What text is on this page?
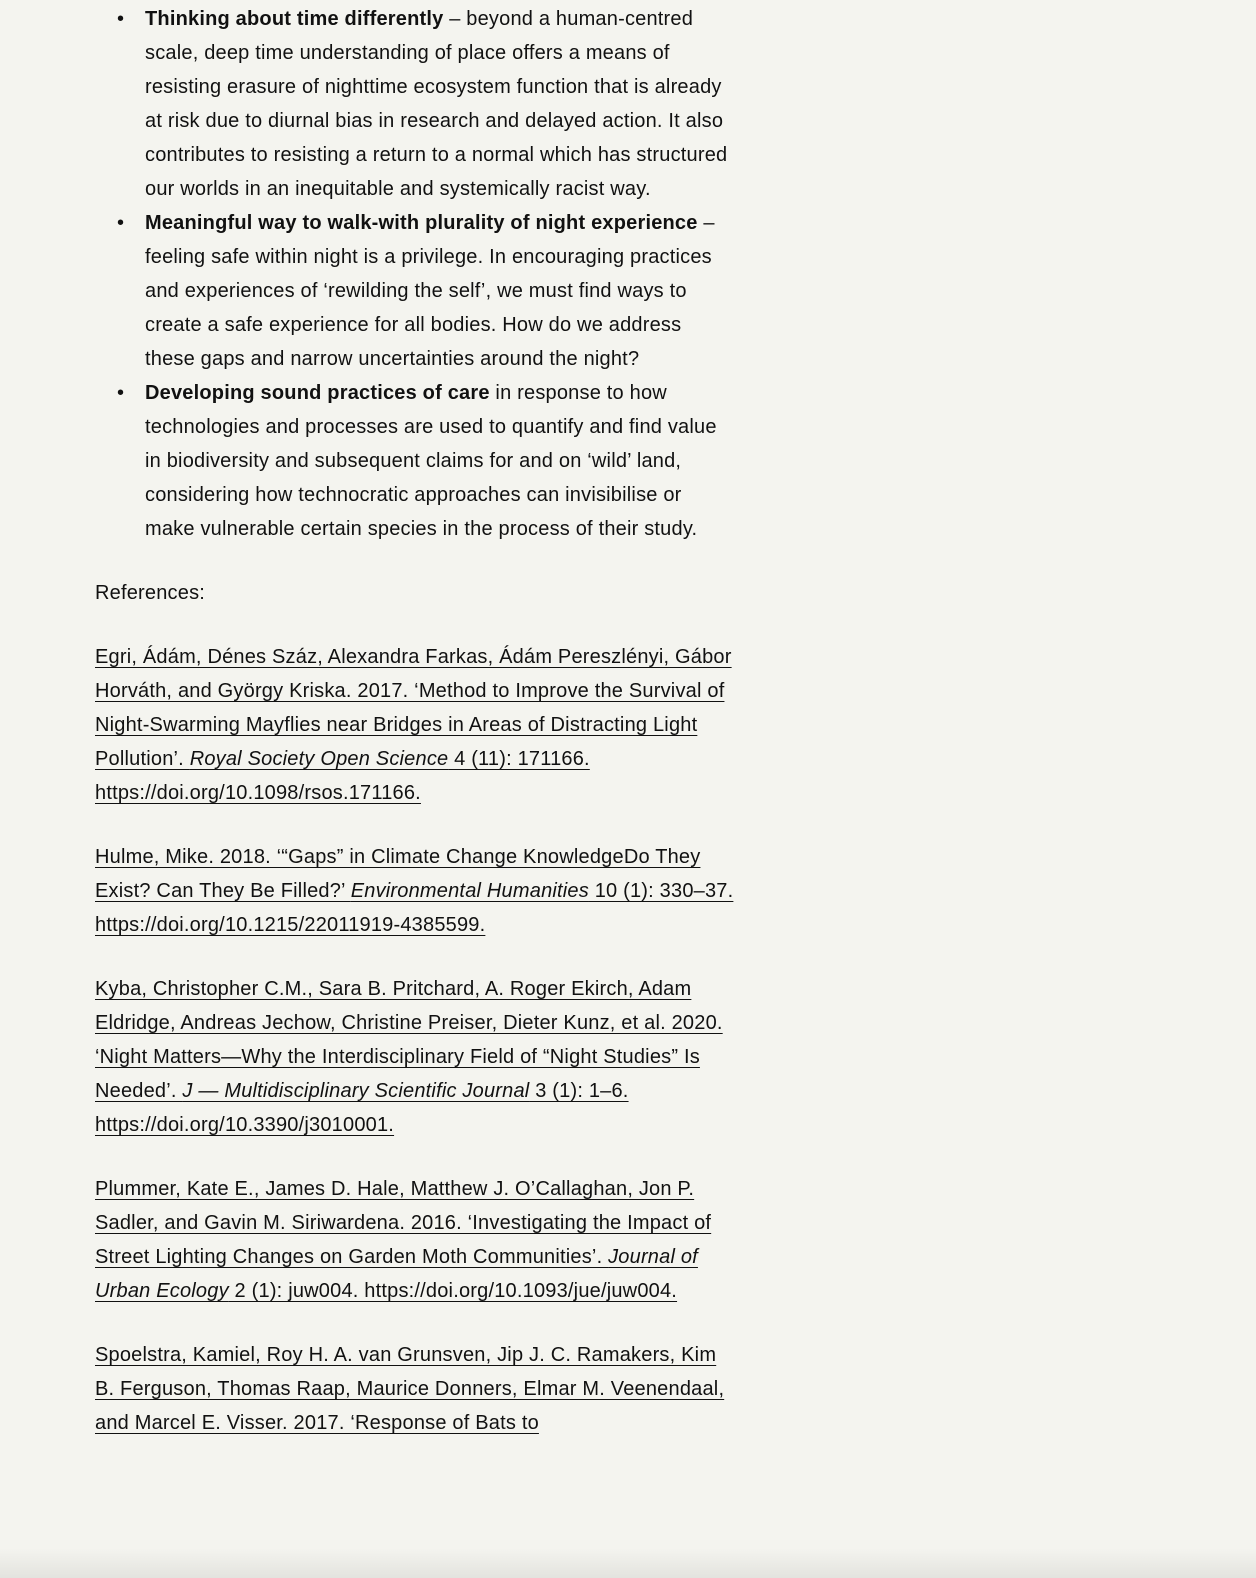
• Thinking about time differently – beyond a human-centred scale, deep time understanding of place offers a means of resisting erasure of nighttime ecosystem function that is already at risk due to diurnal bias in research and delayed action. It also contributes to resisting a return to a normal which has structured our worlds in an inequitable and systemically racist way.
• Meaningful way to walk-with plurality of night experience – feeling safe within night is a privilege. In encouraging practices and experiences of ‘rewilding the self’, we must find ways to create a safe experience for all bodies. How do we address these gaps and narrow uncertainties around the night?
• Developing sound practices of care in response to how technologies and processes are used to quantify and find value in biodiversity and subsequent claims for and on ‘wild’ land, considering how technocratic approaches can invisibilise or make vulnerable certain species in the process of their study.

References:

Egri, Ádám, Dénes Száz, Alexandra Farkas, Ádám Pereszlényi, Gábor Horváth, and György Kriska. 2017. ‘Method to Improve the Survival of Night-Swarming Mayflies near Bridges in Areas of Distracting Light Pollution’. Royal Society Open Science 4 (11): 171166. https://doi.org/10.1098/rsos.171166.

Hulme, Mike. 2018. ‘“Gaps” in Climate Change KnowledgeDo They Exist? Can They Be Filled?’ Environmental Humanities 10 (1): 330–37. https://doi.org/10.1215/22011919-4385599.

Kyba, Christopher C.M., Sara B. Pritchard, A. Roger Ekirch, Adam Eldridge, Andreas Jechow, Christine Preiser, Dieter Kunz, et al. 2020. ‘Night Matters—Why the Interdisciplinary Field of “Night Studies” Is Needed’. J — Multidisciplinary Scientific Journal 3 (1): 1–6. https://doi.org/10.3390/j3010001.

Plummer, Kate E., James D. Hale, Matthew J. O’Callaghan, Jon P. Sadler, and Gavin M. Siriwardena. 2016. ‘Investigating the Impact of Street Lighting Changes on Garden Moth Communities’. Journal of Urban Ecology 2 (1): juw004. https://doi.org/10.1093/jue/juw004.

Spoelstra, Kamiel, Roy H. A. van Grunsven, Jip J. C. Ramakers, Kim B. Ferguson, Thomas Raap, Maurice Donners, Elmar M. Veenendaal, and Marcel E. Visser. 2017. ‘Response of Bats to
